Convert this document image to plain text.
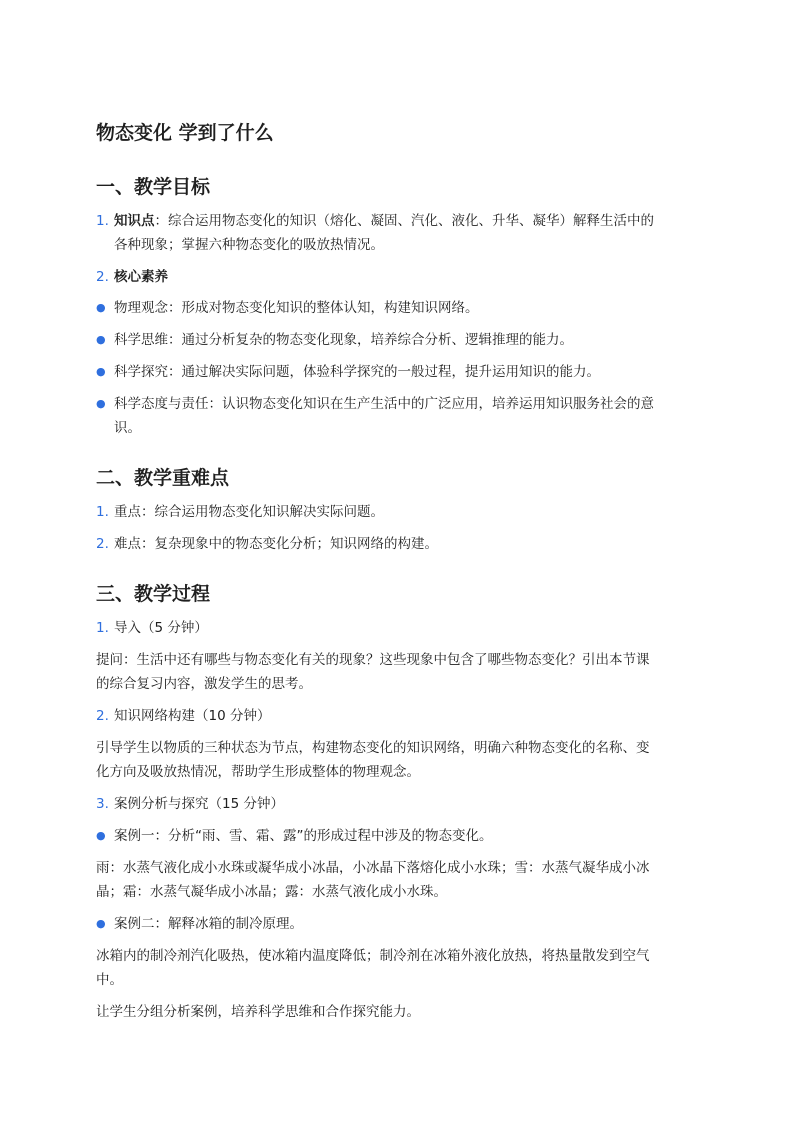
物态变化 学到了什么
一、教学目标
1. 知识点：综合运用物态变化的知识（熔化、凝固、汽化、液化、升华、凝华）解释生活中的
各种现象；掌握六种物态变化的吸放热情况。
2. 核心素养
● 物理观念：形成对物态变化知识的整体认知，构建知识网络。
● 科学思维：通过分析复杂的物态变化现象，培养综合分析、逻辑推理的能力。
● 科学探究：通过解决实际问题，体验科学探究的一般过程，提升运用知识的能力。
● 科学态度与责任：认识物态变化知识在生产生活中的广泛应用，培养运用知识服务社会的意
识。
二、教学重难点
1. 重点：综合运用物态变化知识解决实际问题。
2. 难点：复杂现象中的物态变化分析；知识网络的构建。
三、教学过程
1. 导入（5 分钟）
提问：生活中还有哪些与物态变化有关的现象？这些现象中包含了哪些物态变化？引出本节课
的综合复习内容，激发学生的思考。
2. 知识网络构建（10 分钟）
引导学生以物质的三种状态为节点，构建物态变化的知识网络，明确六种物态变化的名称、变
化方向及吸放热情况，帮助学生形成整体的物理观念。
3. 案例分析与探究（15 分钟）
● 案例一：分析“雨、雪、霜、露”的形成过程中涉及的物态变化。
雨：水蒸气液化成小水珠或凝华成小冰晶，小冰晶下落熔化成小水珠；雪：水蒸气凝华成小冰
晶；霜：水蒸气凝华成小冰晶；露：水蒸气液化成小水珠。
● 案例二：解释冰箱的制冷原理。
冰箱内的制冷剂汽化吸热，使冰箱内温度降低；制冷剂在冰箱外液化放热，将热量散发到空气
中。
让学生分组分析案例，培养科学思维和合作探究能力。
